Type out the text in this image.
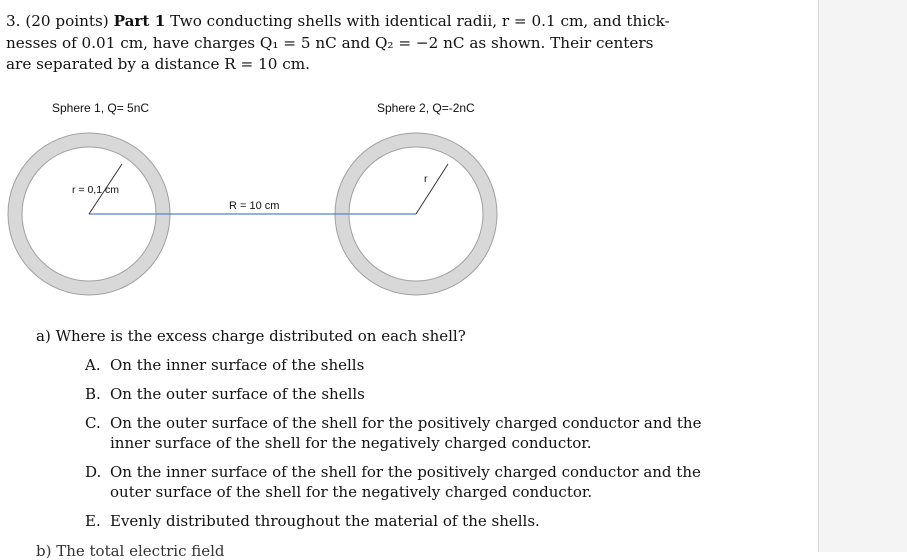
3. (20 points) Part 1 Two conducting shells with identical radii, r = 0.1 cm, and thick-
nesses of 0.01 cm, have charges Q₁ = 5 nC and Q₂ = −2 nC as shown. Their centers
are separated by a distance R = 10 cm.
Sphere 1, Q= 5nC	Sphere 2, Q=-2nC
r = 0,1 cm
r
R = 10 cm
a) Where is the excess charge distributed on each shell?
A. On the inner surface of the shells
B. On the outer surface of the shells
C. On the outer surface of the shell for the positively charged conductor and the
inner surface of the shell for the negatively charged conductor.
D. On the inner surface of the shell for the positively charged conductor and the
outer surface of the shell for the negatively charged conductor.
E. Evenly distributed throughout the material of the shells.
b) The total electric field
